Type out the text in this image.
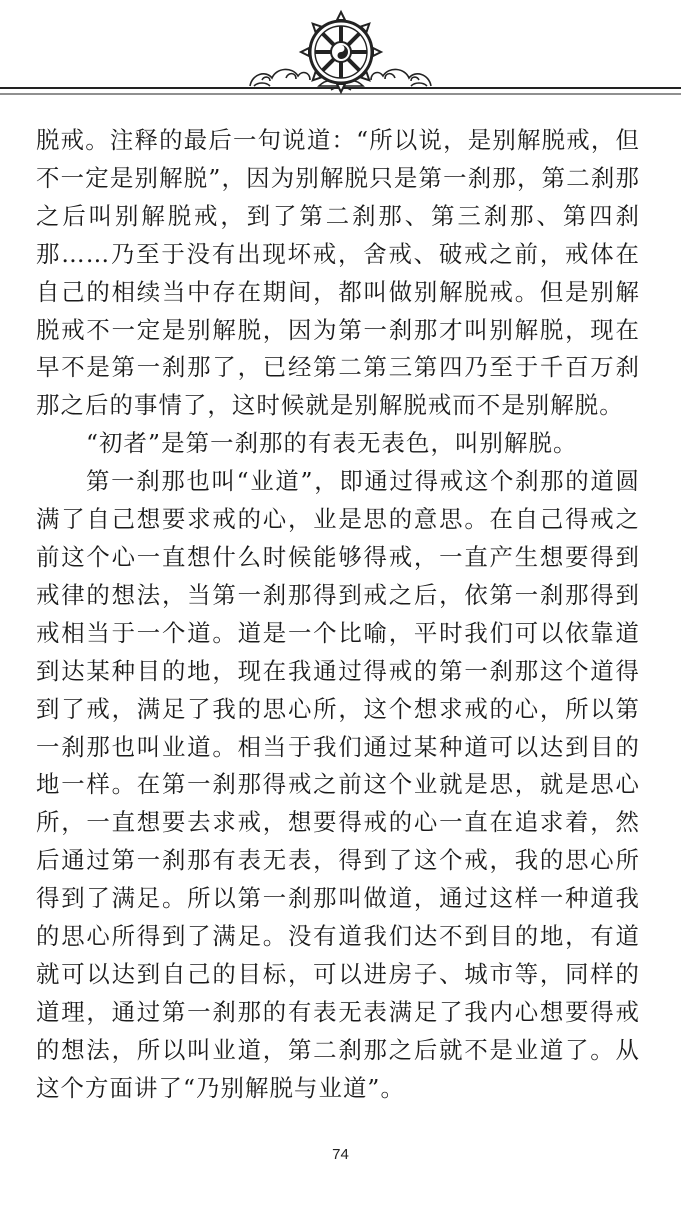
脱戒。注释的最后一句说道：“所以说，是别解脱戒，但不一定是别解脱”，因为别解脱只是第一刹那，第二刹那之后叫别解脱戒，到了第二刹那、第三刹那、第四刹那……乃至于没有出现坏戒，舍戒、破戒之前，戒体在自己的相续当中存在期间，都叫做别解脱戒。但是别解脱戒不一定是别解脱，因为第一刹那才叫别解脱，现在早不是第一刹那了，已经第二第三第四乃至于千百万刹那之后的事情了，这时候就是别解脱戒而不是别解脱。

“初者”是第一刹那的有表无表色，叫别解脱。

第一刹那也叫“业道”，即通过得戒这个刹那的道圆满了自己想要求戒的心，业是思的意思。在自己得戒之前这个心一直想什么时候能够得戒，一直产生想要得到戒律的想法，当第一刹那得到戒之后，依第一刹那得到戒相当于一个道。道是一个比喻，平时我们可以依靠道到达某种目的地，现在我通过得戒的第一刹那这个道得到了戒，满足了我的思心所，这个想求戒的心，所以第一刹那也叫业道。相当于我们通过某种道可以达到目的地一样。在第一刹那得戒之前这个业就是思，就是思心所，一直想要去求戒，想要得戒的心一直在追求着，然后通过第一刹那有表无表，得到了这个戒，我的思心所得到了满足。所以第一刹那叫做道，通过这样一种道我的思心所得到了满足。没有道我们达不到目的地，有道就可以达到自己的目标，可以进房子、城市等，同样的道理，通过第一刹那的有表无表满足了我内心想要得戒的想法，所以叫业道，第二刹那之后就不是业道了。从这个方面讲了“乃别解脱与业道”。

74
